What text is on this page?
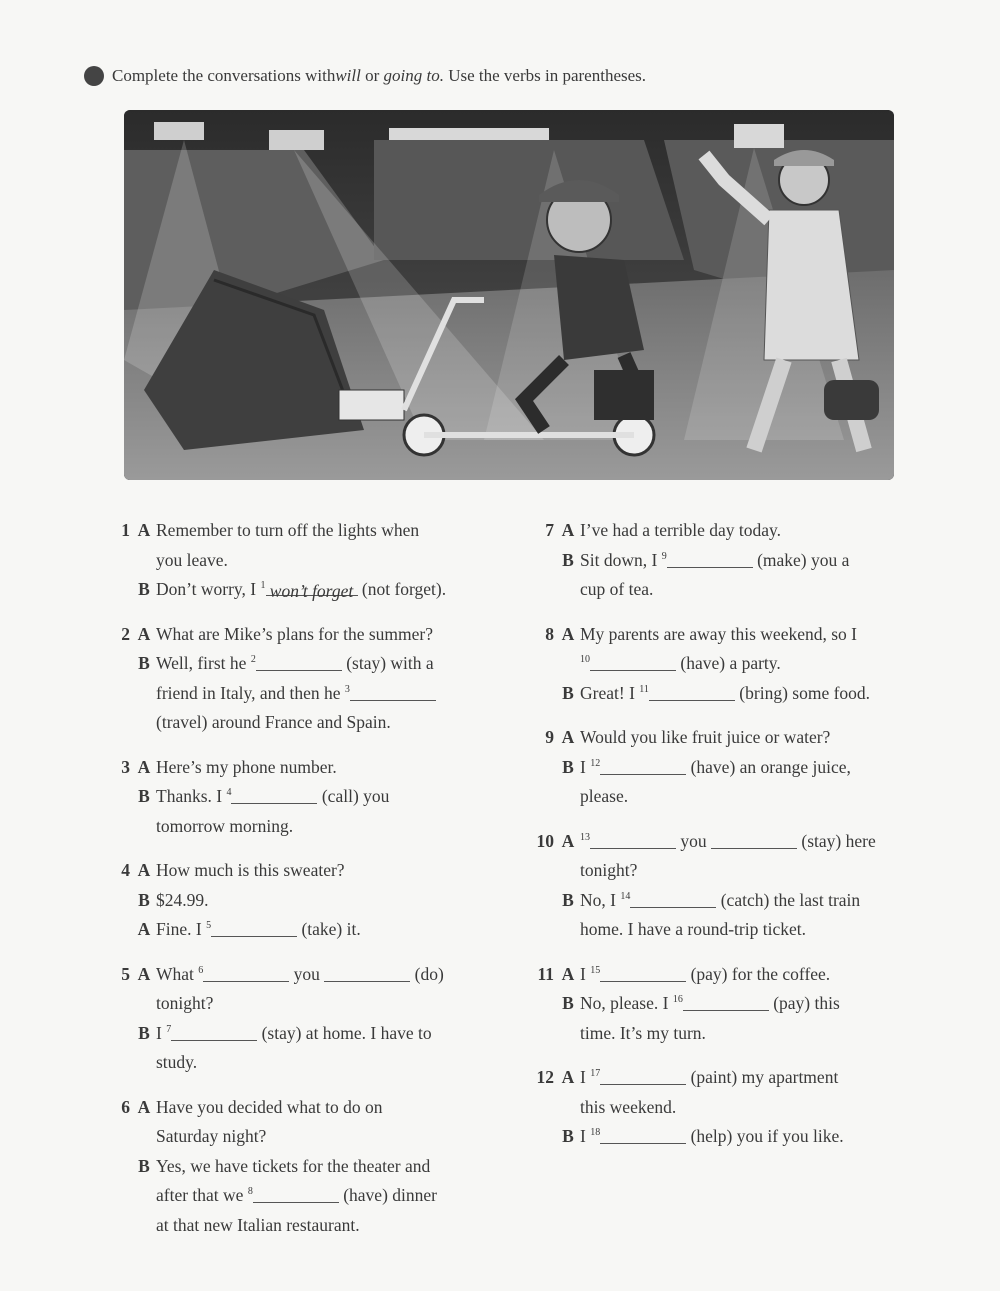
Complete the conversations with will or going to. Use the verbs in parentheses.
1 A Remember to turn off the lights when
you leave.
B Don’t worry, I $^1$ won’t forget (not forget).
2 A What are Mike’s plans for the summer?
B Well, first he $^2$	(stay) with a
friend in Italy, and then he $^3$
(travel) around France and Spain.
3 A Here’s my phone number.
B Thanks. I $^4$	(call) you
tomorrow morning.
4 A How much is this sweater?
B $24.99.
A Fine. I $^5$	(take) it.
5 A What $^6$	you	(do)
tonight?
B I $^7$	(stay) at home. I have to
study.
6 A Have you decided what to do on
Saturday night?
B Yes, we have tickets for the theater and
after that we $^8$	(have) dinner
at that new Italian restaurant.
7 A I’ve had a terrible day today.
B Sit down, I $^9$	(make) you a
cup of tea.
8 A My parents are away this weekend, so I
$^{10}$	(have) a party.
B Great! I $^{11}$	(bring) some food.
9 A Would you like fruit juice or water?
B I $^{12}$	(have) an orange juice,
please.
10 A $^{13}$	you	(stay) here
tonight?
B No, I $^{14}$	(catch) the last train
home. I have a round-trip ticket.
11 A I $^{15}$	(pay) for the coffee.
B No, please. I $^{16}$	(pay) this
time. It’s my turn.
12 A I $^{17}$	(paint) my apartment
this weekend.
B I $^{18}$	(help) you if you like.
